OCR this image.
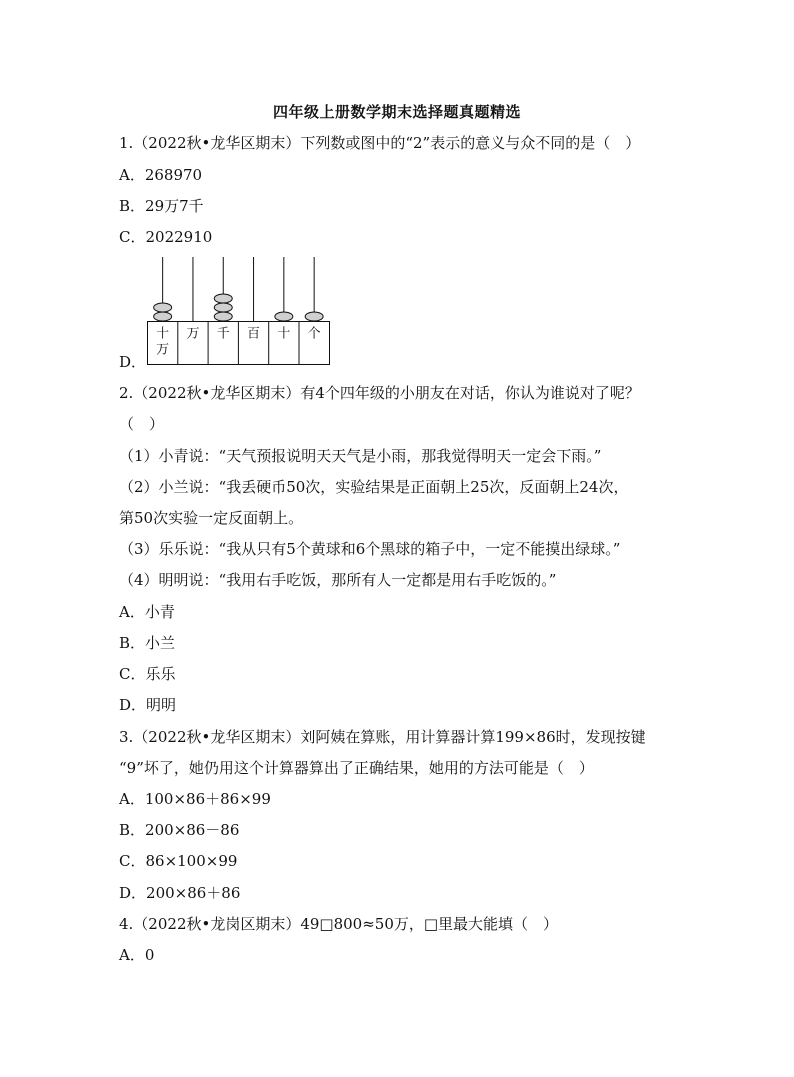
四年级上册数学期末选择题真题精选
1.（2022秋•龙华区期末）下列数或图中的“2”表示的意义与众不同的是（　）
A．268970
B．29万7千
C．2022910
十万
万 千 百 十 个
D．
2.（2022秋•龙华区期末）有4个四年级的小朋友在对话，你认为谁说对了呢？
（　）
（1）小青说：“天气预报说明天天气是小雨，那我觉得明天一定会下雨。”
（2）小兰说：“我丢硬币50次，实验结果是正面朝上25次，反面朝上24次，
第50次实验一定反面朝上。
（3）乐乐说：“我从只有5个黄球和6个黑球的箱子中，一定不能摸出绿球。”
（4）明明说：“我用右手吃饭，那所有人一定都是用右手吃饭的。”
A．小青
B．小兰
C．乐乐
D．明明
3.（2022秋•龙华区期末）刘阿姨在算账，用计算器计算199×86时，发现按键
“9”坏了，她仍用这个计算器算出了正确结果，她用的方法可能是（　）
A．100×86＋86×99
B．200×86－86
C．86×100×99
D．200×86＋86
4.（2022秋•龙岗区期末）49□800≈50万，□里最大能填（　）
A．0
